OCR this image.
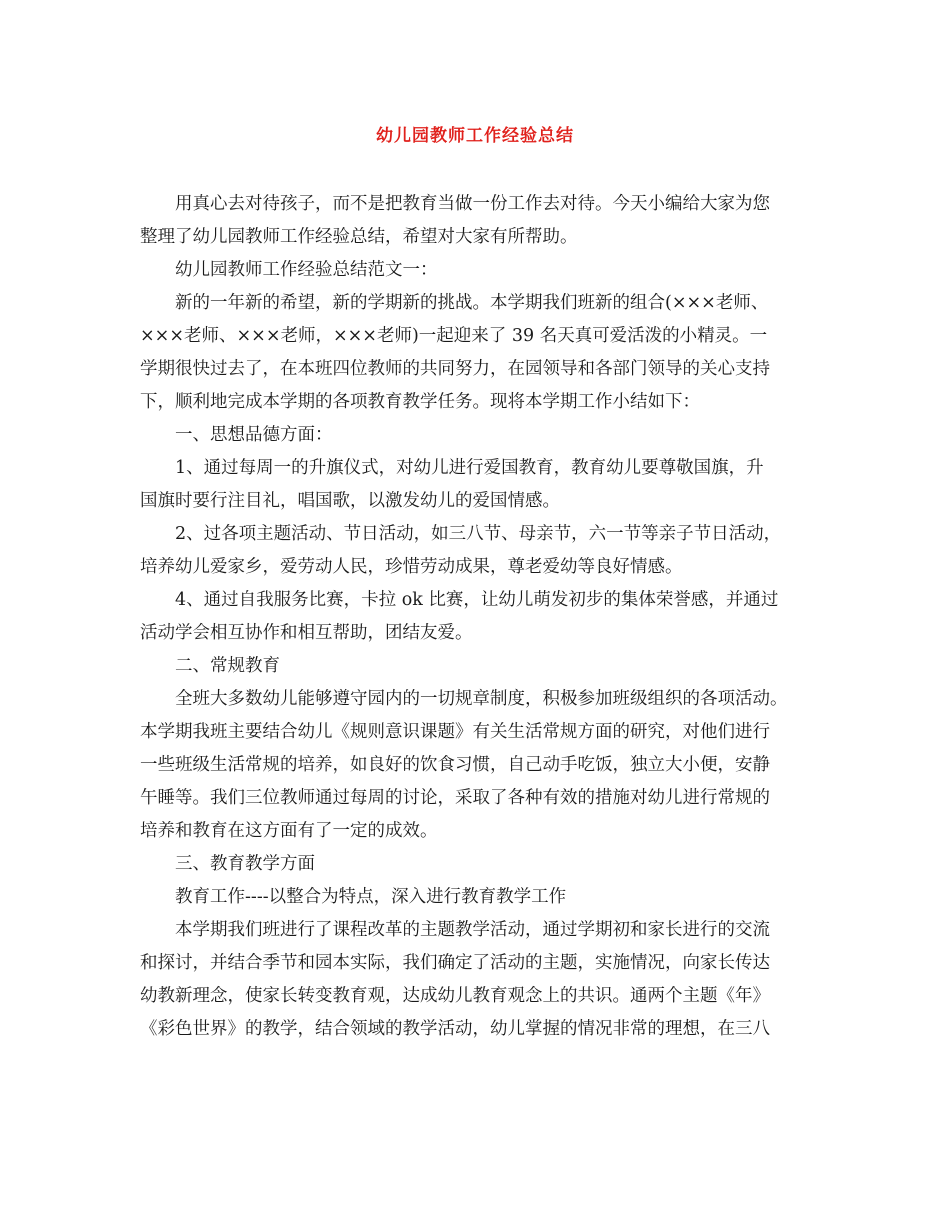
幼儿园教师工作经验总结
用真心去对待孩子，而不是把教育当做一份工作去对待。今天小编给大家为您
整理了幼儿园教师工作经验总结，希望对大家有所帮助。
幼儿园教师工作经验总结范文一：
新的一年新的希望，新的学期新的挑战。本学期我们班新的组合(×××老师、
×××老师、×××老师，×××老师)一起迎来了 39 名天真可爱活泼的小精灵。一
学期很快过去了，在本班四位教师的共同努力，在园领导和各部门领导的关心支持
下，顺利地完成本学期的各项教育教学任务。现将本学期工作小结如下：
一、思想品德方面：
1、通过每周一的升旗仪式，对幼儿进行爱国教育，教育幼儿要尊敬国旗，升
国旗时要行注目礼，唱国歌，以激发幼儿的爱国情感。
2、过各项主题活动、节日活动，如三八节、母亲节，六一节等亲子节日活动，
培养幼儿爱家乡，爱劳动人民，珍惜劳动成果，尊老爱幼等良好情感。
4、通过自我服务比赛，卡拉 ok 比赛，让幼儿萌发初步的集体荣誉感，并通过
活动学会相互协作和相互帮助，团结友爱。
二、常规教育
全班大多数幼儿能够遵守园内的一切规章制度，积极参加班级组织的各项活动。
本学期我班主要结合幼儿《规则意识课题》有关生活常规方面的研究，对他们进行
一些班级生活常规的培养，如良好的饮食习惯，自己动手吃饭，独立大小便，安静
午睡等。我们三位教师通过每周的讨论，采取了各种有效的措施对幼儿进行常规的
培养和教育在这方面有了一定的成效。
三、教育教学方面
教育工作----以整合为特点，深入进行教育教学工作
本学期我们班进行了课程改革的主题教学活动，通过学期初和家长进行的交流
和探讨，并结合季节和园本实际，我们确定了活动的主题，实施情况，向家长传达
幼教新理念，使家长转变教育观，达成幼儿教育观念上的共识。通两个主题《年》
《彩色世界》的教学，结合领域的教学活动，幼儿掌握的情况非常的理想，在三八
